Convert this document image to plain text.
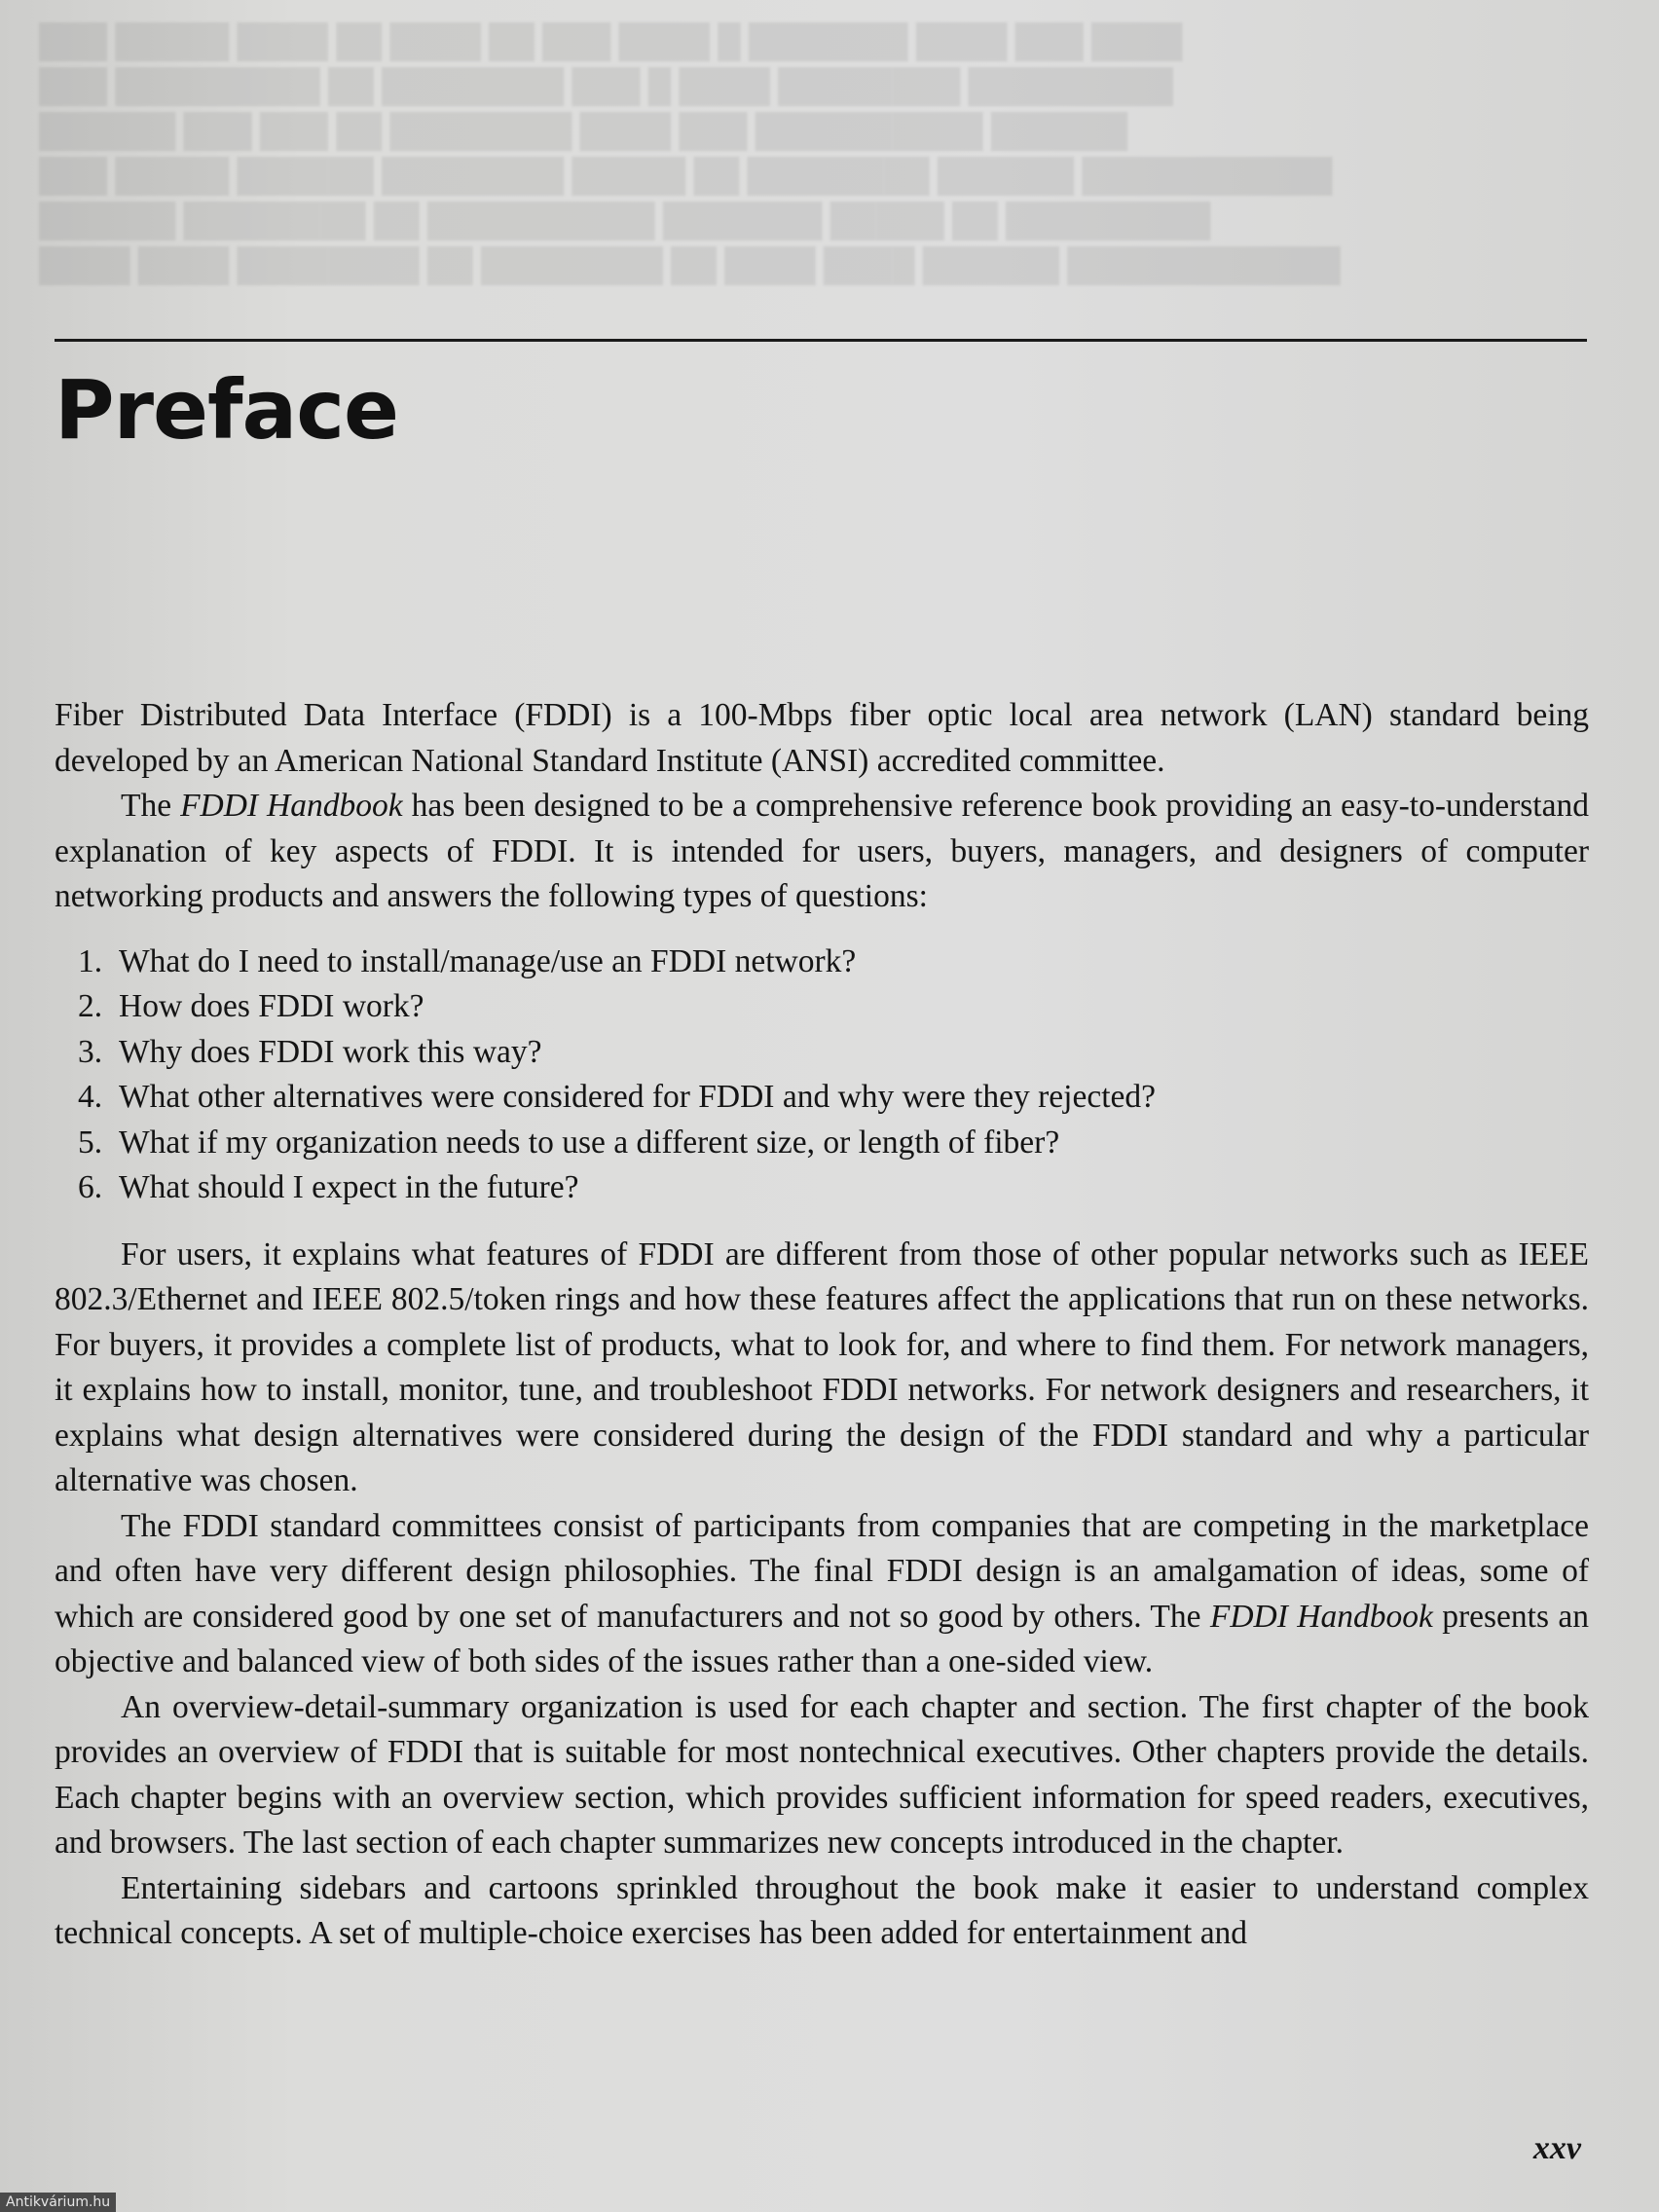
████ ████ ████████ ██ ████████ ██ ████ ████ ██████ ████████████
██████ ████████ ██ ██████████ ███████ █████ ██ █████████
███ █████ ██████ ████████ █████ ██ ████████ ██████ ███████████
██████ ███ ███ ██ ████████ ████ ███ ██████████ ██████
███ █████████ ██ ████████ ███ █ ████ ████████ █████████
███ █████ ████ ██ ████ ██ ███ ████ █ ███████ ████ ███ ████
Preface

Fiber Distributed Data Interface (FDDI) is a 100-Mbps fiber optic local area network (LAN) standard being developed by an American National Standard Institute (ANSI) accredited committee.

The FDDI Handbook has been designed to be a comprehensive reference book providing an easy-to-understand explanation of key aspects of FDDI. It is intended for users, buyers, managers, and designers of computer networking products and answers the following types of questions:

1. What do I need to install/manage/use an FDDI network?
2. How does FDDI work?
3. Why does FDDI work this way?
4. What other alternatives were considered for FDDI and why were they rejected?
5. What if my organization needs to use a different size, or length of fiber?
6. What should I expect in the future?

For users, it explains what features of FDDI are different from those of other popular networks such as IEEE 802.3/Ethernet and IEEE 802.5/token rings and how these features affect the applications that run on these networks. For buyers, it provides a complete list of products, what to look for, and where to find them. For network managers, it explains how to install, monitor, tune, and troubleshoot FDDI networks. For network designers and researchers, it explains what design alternatives were considered during the design of the FDDI standard and why a particular alternative was chosen.

The FDDI standard committees consist of participants from companies that are competing in the marketplace and often have very different design philosophies. The final FDDI design is an amalgamation of ideas, some of which are considered good by one set of manufacturers and not so good by others. The FDDI Handbook presents an objective and balanced view of both sides of the issues rather than a one-sided view.

An overview-detail-summary organization is used for each chapter and section. The first chapter of the book provides an overview of FDDI that is suitable for most nontechnical executives. Other chapters provide the details. Each chapter begins with an overview section, which provides sufficient information for speed readers, executives, and browsers. The last section of each chapter summarizes new concepts introduced in the chapter.

Entertaining sidebars and cartoons sprinkled throughout the book make it easier to understand complex technical concepts. A set of multiple-choice exercises has been added for entertainment and

xxv
Antikvárium.hu
